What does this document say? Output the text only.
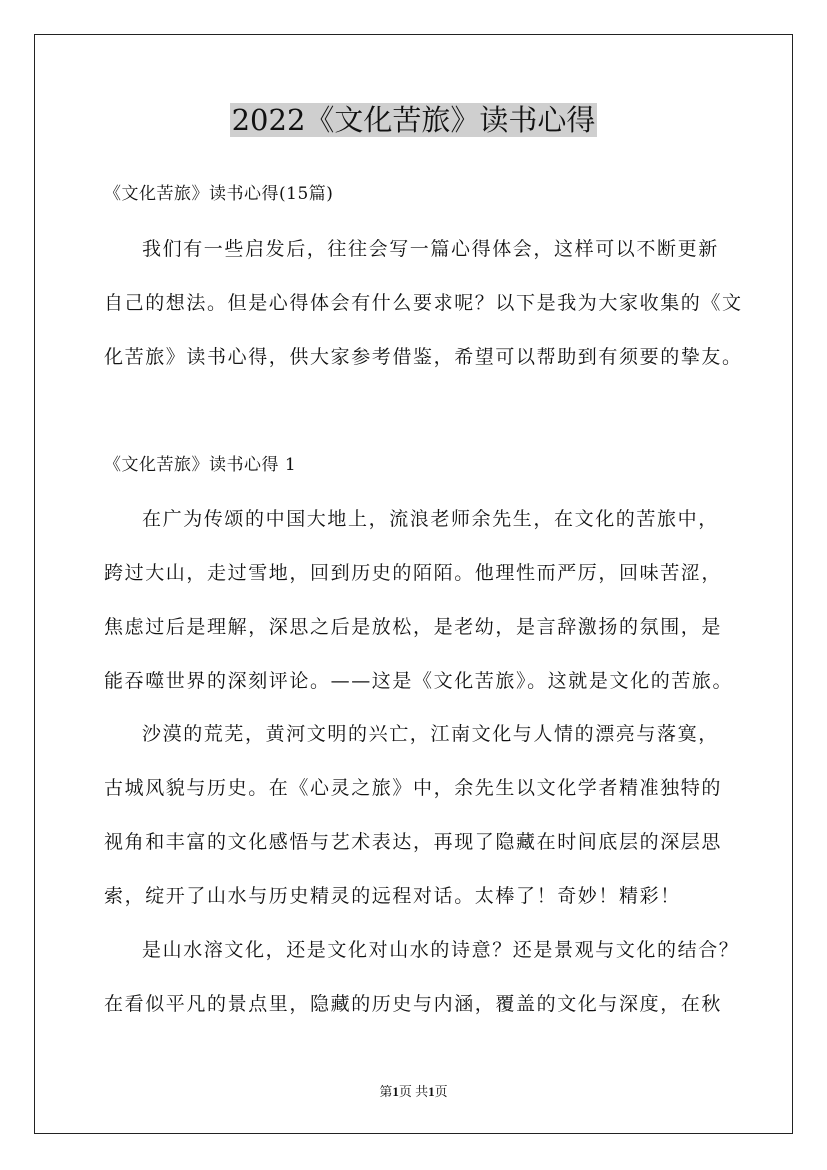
2022《文化苦旅》读书心得
《文化苦旅》读书心得(15篇)
我们有一些启发后，往往会写一篇心得体会，这样可以不断更新
自己的想法。但是心得体会有什么要求呢？以下是我为大家收集的《文
化苦旅》读书心得，供大家参考借鉴，希望可以帮助到有须要的挚友。
《文化苦旅》读书心得 1
在广为传颂的中国大地上，流浪老师余先生，在文化的苦旅中，
跨过大山，走过雪地，回到历史的陌陌。他理性而严厉，回味苦涩，
焦虑过后是理解，深思之后是放松，是老幼，是言辞激扬的氛围，是
能吞噬世界的深刻评论。——这是《文化苦旅》。这就是文化的苦旅。
沙漠的荒芜，黄河文明的兴亡，江南文化与人情的漂亮与落寞，
古城风貌与历史。在《心灵之旅》中，余先生以文化学者精准独特的
视角和丰富的文化感悟与艺术表达，再现了隐藏在时间底层的深层思
索，绽开了山水与历史精灵的远程对话。太棒了！奇妙！精彩！
是山水溶文化，还是文化对山水的诗意？还是景观与文化的结合？
在看似平凡的景点里，隐藏的历史与内涵，覆盖的文化与深度，在秋
第1页 共1页
